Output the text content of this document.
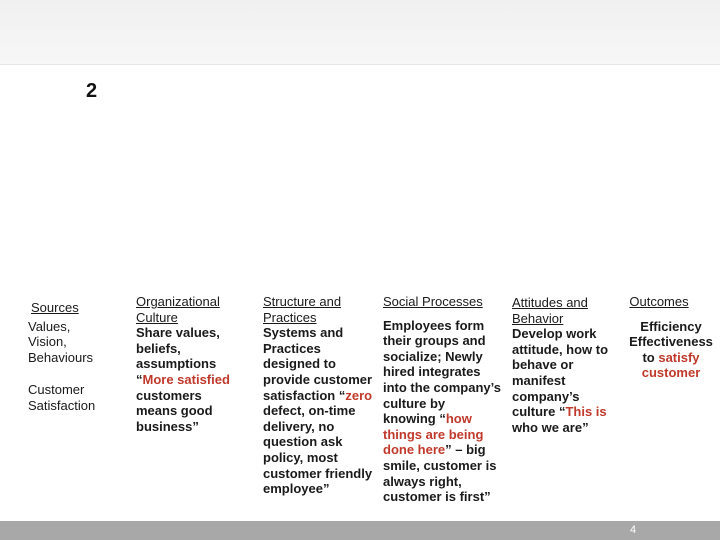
2
Sources
Values, Vision, Behaviours
Customer Satisfaction
Organizational Culture
Share values, beliefs, assumptions “More satisfied customers means good business”
Structure and Practices
Systems and Practices designed to provide customer satisfaction “zero defect, on-time delivery, no question ask policy, most customer friendly employee”
Social Processes
Employees form their groups and socialize; Newly hired integrates into the company’s culture by knowing “how things are being done here” – big smile, customer is always right, customer is first”
Attitudes and Behavior
Develop work attitude, how to behave or manifest company’s culture “This is who we are”
Outcomes
Efficiency
Effectiveness
to satisfy
customer
4
